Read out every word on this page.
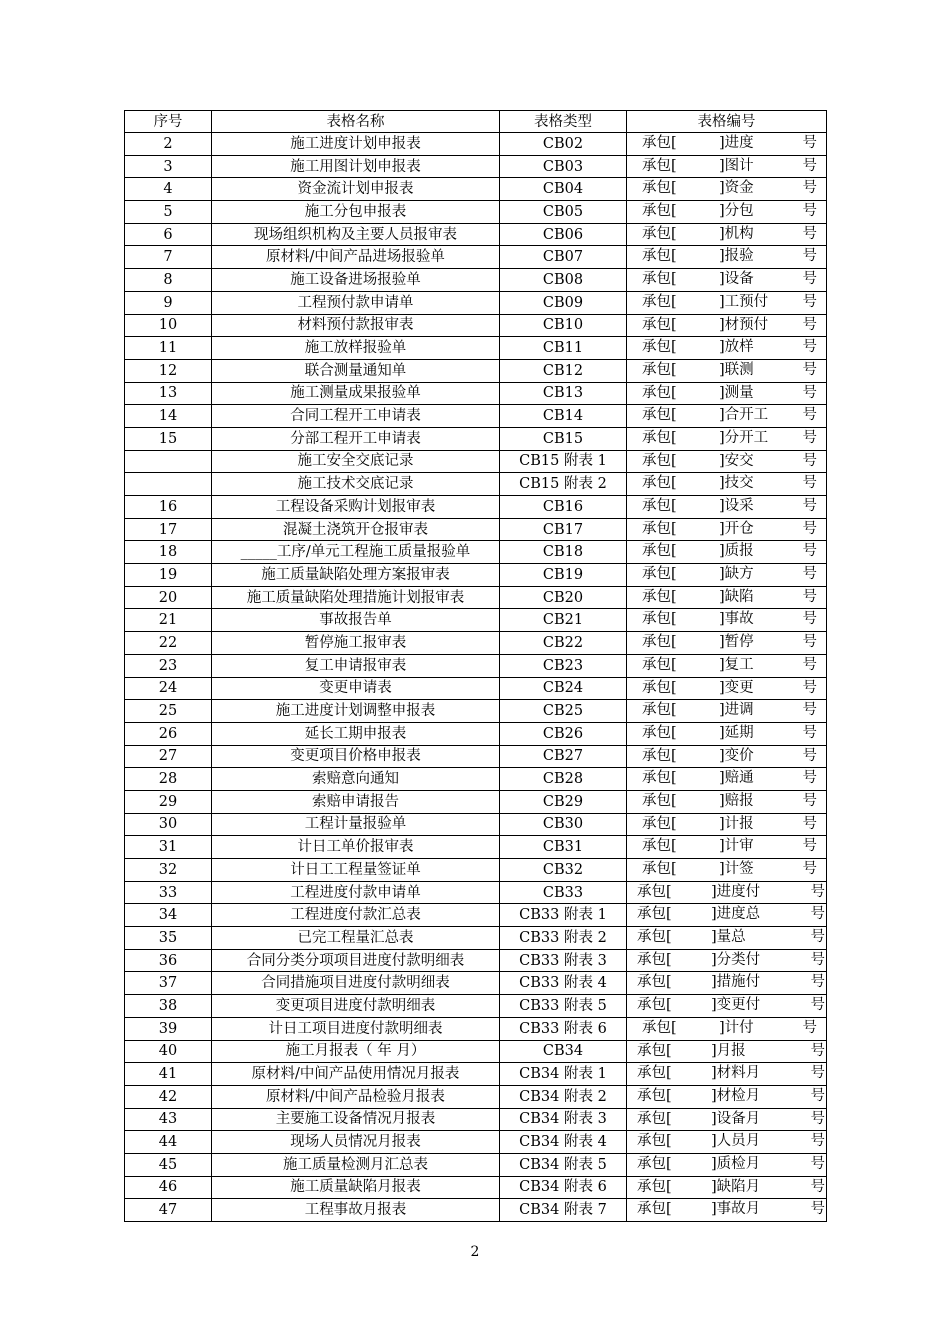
序号	表格名称	表格类型	表格编号
2	施工进度计划申报表	CB02	承包[ ]进度 号

3	施工用图计划申报表	CB03	承包[ ]图计 号

4	资金流计划申报表	CB04	承包[ ]资金 号

5	施工分包申报表	CB05	承包[ ]分包 号

6	现场组织机构及主要人员报审表	CB06	承包[ ]机构 号

7	原材料/中间产品进场报验单	CB07	承包[ ]报验 号

8	施工设备进场报验单	CB08	承包[ ]设备 号

9	工程预付款申请单	CB09	承包[ ]工预付 号

10	材料预付款报审表	CB10	承包[ ]材预付 号

11	施工放样报验单	CB11	承包[ ]放样 号

12	联合测量通知单	CB12	承包[ ]联测 号

13	施工测量成果报验单	CB13	承包[ ]测量 号

14	合同工程开工申请表	CB14	承包[ ]合开工 号

15	分部工程开工申请表	CB15	承包[ ]分开工 号

	施工安全交底记录	CB15 附表 1	承包[ ]安交 号

	施工技术交底记录	CB15 附表 2	承包[ ]技交 号

16	工程设备采购计划报审表	CB16	承包[ ]设采 号

17	混凝土浇筑开仓报审表	CB17	承包[ ]开仓 号

18	_____工序/单元工程施工质量报验单	CB18	承包[ ]质报 号

19	施工质量缺陷处理方案报审表	CB19	承包[ ]缺方 号

20	施工质量缺陷处理措施计划报审表	CB20	承包[ ]缺陷 号

21	事故报告单	CB21	承包[ ]事故 号

22	暂停施工报审表	CB22	承包[ ]暂停 号

23	复工申请报审表	CB23	承包[ ]复工 号

24	变更申请表	CB24	承包[ ]变更 号

25	施工进度计划调整申报表	CB25	承包[ ]进调 号

26	延长工期申报表	CB26	承包[ ]延期 号

27	变更项目价格申报表	CB27	承包[ ]变价 号

28	索赔意向通知	CB28	承包[ ]赔通 号

29	索赔申请报告	CB29	承包[ ]赔报 号

30	工程计量报验单	CB30	承包[ ]计报 号

31	计日工单价报审表	CB31	承包[ ]计审 号

32	计日工工程量签证单	CB32	承包[ ]计签 号

33	工程进度付款申请单	CB33	承包[ ]进度付 号

34	工程进度付款汇总表	CB33 附表 1	承包[ ]进度总 号

35	已完工程量汇总表	CB33 附表 2	承包[ ]量总 号

36	合同分类分项项目进度付款明细表	CB33 附表 3	承包[ ]分类付 号

37	合同措施项目进度付款明细表	CB33 附表 4	承包[ ]措施付 号

38	变更项目进度付款明细表	CB33 附表 5	承包[ ]变更付 号

39	计日工项目进度付款明细表	CB33 附表 6	承包[ ]计付 号

40	施工月报表（ 年 月）	CB34	承包[ ]月报 号

41	原材料/中间产品使用情况月报表	CB34 附表 1	承包[ ]材料月 号

42	原材料/中间产品检验月报表	CB34 附表 2	承包[ ]材检月 号

43	主要施工设备情况月报表	CB34 附表 3	承包[ ]设备月 号

44	现场人员情况月报表	CB34 附表 4	承包[ ]人员月 号

45	施工质量检测月汇总表	CB34 附表 5	承包[ ]质检月 号

46	施工质量缺陷月报表	CB34 附表 6	承包[ ]缺陷月 号

47	工程事故月报表	CB34 附表 7	承包[ ]事故月 号
2
